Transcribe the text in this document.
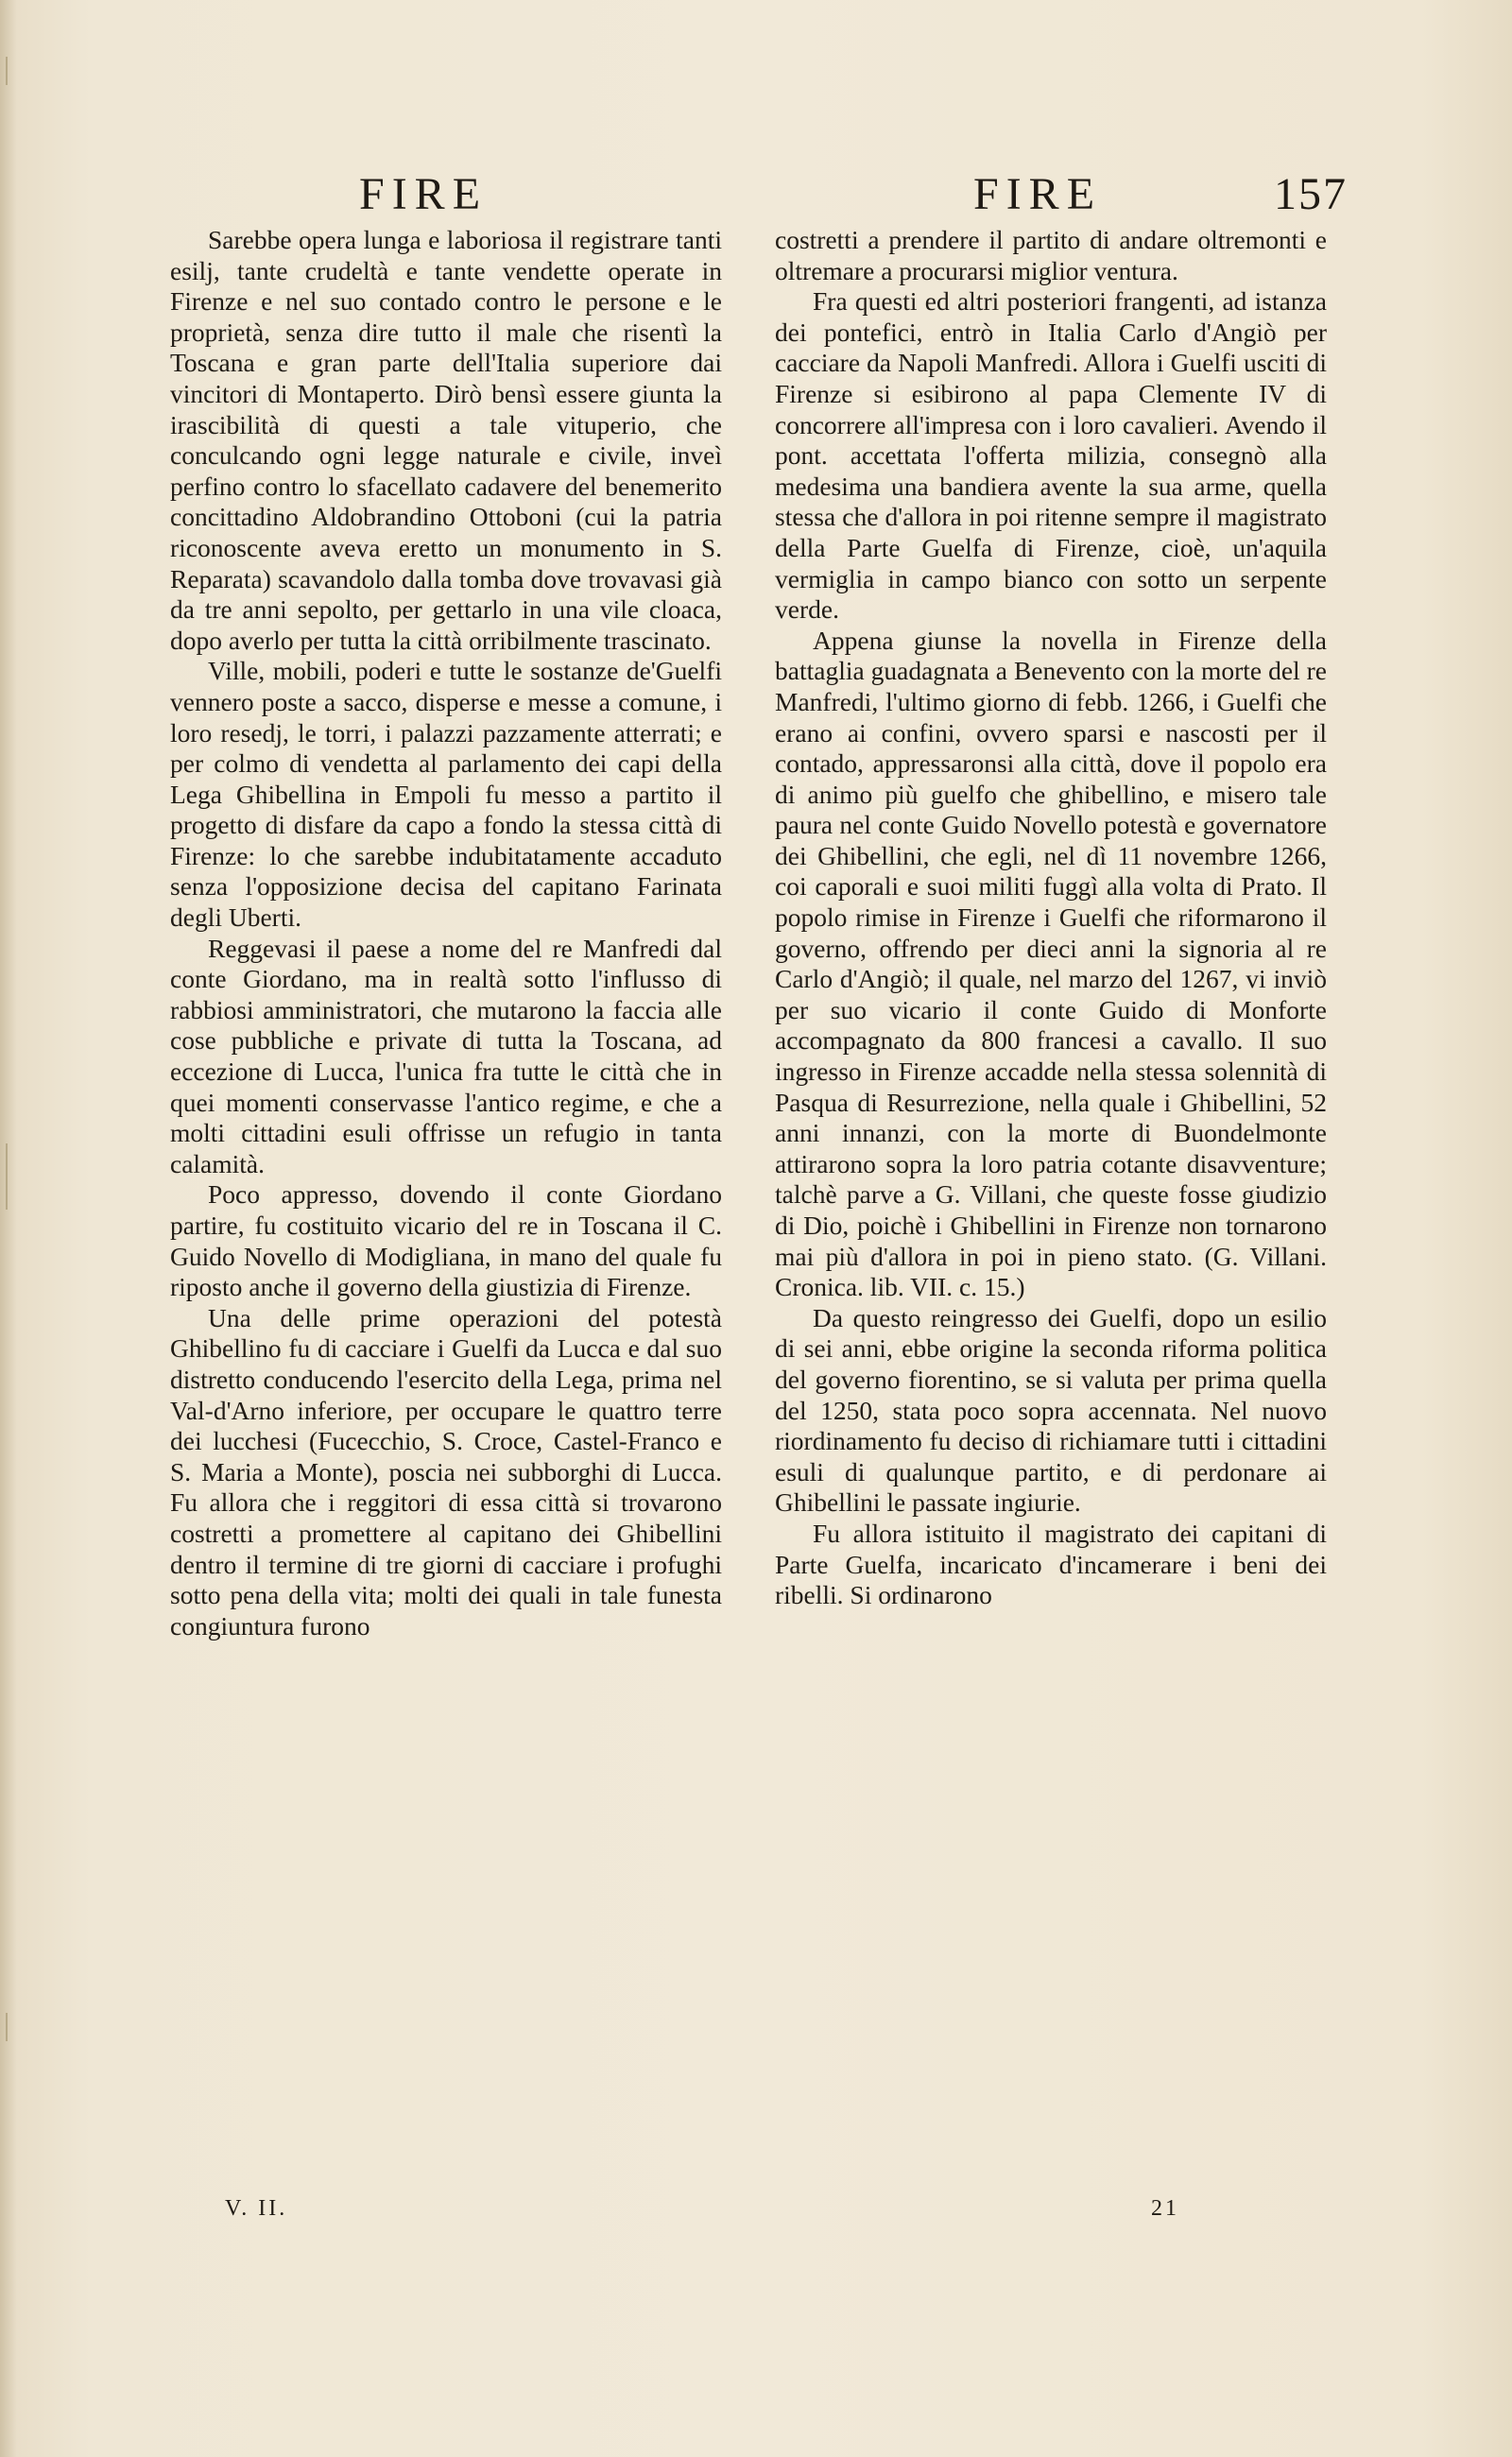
FIRE	FIRE	157

Sarebbe opera lunga e laboriosa il registrare tanti esilj, tante crudeltà e tante vendette operate in Firenze e nel suo contado contro le persone e le proprietà, senza dire tutto il male che risentì la Toscana e gran parte dell'Italia superiore dai vincitori di Montaperto. Dirò bensì essere giunta la irascibilità di questi a tale vituperio, che conculcando ogni legge naturale e civile, inveì perfino contro lo sfacellato cadavere del benemerito concittadino Aldobrandino Ottoboni (cui la patria riconoscente aveva eretto un monumento in S. Reparata) scavandolo dalla tomba dove trovavasi già da tre anni sepolto, per gettarlo in una vile cloaca, dopo averlo per tutta la città orribilmente trascinato.

Ville, mobili, poderi e tutte le sostanze de'Guelfi vennero poste a sacco, disperse e messe a comune, i loro resedj, le torri, i palazzi pazzamente atterrati; e per colmo di vendetta al parlamento dei capi della Lega Ghibellina in Empoli fu messo a partito il progetto di disfare da capo a fondo la stessa città di Firenze: lo che sarebbe indubitatamente accaduto senza l'opposizione decisa del capitano Farinata degli Uberti.

Reggevasi il paese a nome del re Manfredi dal conte Giordano, ma in realtà sotto l'influsso di rabbiosi amministratori, che mutarono la faccia alle cose pubbliche e private di tutta la Toscana, ad eccezione di Lucca, l'unica fra tutte le città che in quei momenti conservasse l'antico regime, e che a molti cittadini esuli offrisse un refugio in tanta calamità.

Poco appresso, dovendo il conte Giordano partire, fu costituito vicario del re in Toscana il C. Guido Novello di Modigliana, in mano del quale fu riposto anche il governo della giustizia di Firenze.

Una delle prime operazioni del potestà Ghibellino fu di cacciare i Guelfi da Lucca e dal suo distretto conducendo l'esercito della Lega, prima nel Val-d'Arno inferiore, per occupare le quattro terre dei lucchesi (Fucecchio, S. Croce, Castel-Franco e S. Maria a Monte), poscia nei subborghi di Lucca. Fu allora che i reggitori di essa città si trovarono costretti a promettere al capitano dei Ghibellini dentro il termine di tre giorni di cacciare i profughi sotto pena della vita; molti dei quali in tale funesta congiuntura furono

costretti a prendere il partito di andare oltremonti e oltremare a procurarsi miglior ventura.

Fra questi ed altri posteriori frangenti, ad istanza dei pontefici, entrò in Italia Carlo d'Angiò per cacciare da Napoli Manfredi. Allora i Guelfi usciti di Firenze si esibirono al papa Clemente IV di concorrere all'impresa con i loro cavalieri. Avendo il pont. accettata l'offerta milizia, consegnò alla medesima una bandiera avente la sua arme, quella stessa che d'allora in poi ritenne sempre il magistrato della Parte Guelfa di Firenze, cioè, un'aquila vermiglia in campo bianco con sotto un serpente verde.

Appena giunse la novella in Firenze della battaglia guadagnata a Benevento con la morte del re Manfredi, l'ultimo giorno di febb. 1266, i Guelfi che erano ai confini, ovvero sparsi e nascosti per il contado, appressaronsi alla città, dove il popolo era di animo più guelfo che ghibellino, e misero tale paura nel conte Guido Novello potestà e governatore dei Ghibellini, che egli, nel dì 11 novembre 1266, coi caporali e suoi militi fuggì alla volta di Prato. Il popolo rimise in Firenze i Guelfi che riformarono il governo, offrendo per dieci anni la signoria al re Carlo d'Angiò; il quale, nel marzo del 1267, vi inviò per suo vicario il conte Guido di Monforte accompagnato da 800 francesi a cavallo. Il suo ingresso in Firenze accadde nella stessa solennità di Pasqua di Resurrezione, nella quale i Ghibellini, 52 anni innanzi, con la morte di Buondelmonte attirarono sopra la loro patria cotante disavventure; talchè parve a G. Villani, che queste fosse giudizio di Dio, poichè i Ghibellini in Firenze non tornarono mai più d'allora in poi in pieno stato. (G. Villani. Cronica. lib. VII. c. 15.)

Da questo reingresso dei Guelfi, dopo un esilio di sei anni, ebbe origine la seconda riforma politica del governo fiorentino, se si valuta per prima quella del 1250, stata poco sopra accennata. Nel nuovo riordinamento fu deciso di richiamare tutti i cittadini esuli di qualunque partito, e di perdonare ai Ghibellini le passate ingiurie.

Fu allora istituito il magistrato dei capitani di Parte Guelfa, incaricato d'incamerare i beni dei ribelli. Si ordinarono

V. II.	21
